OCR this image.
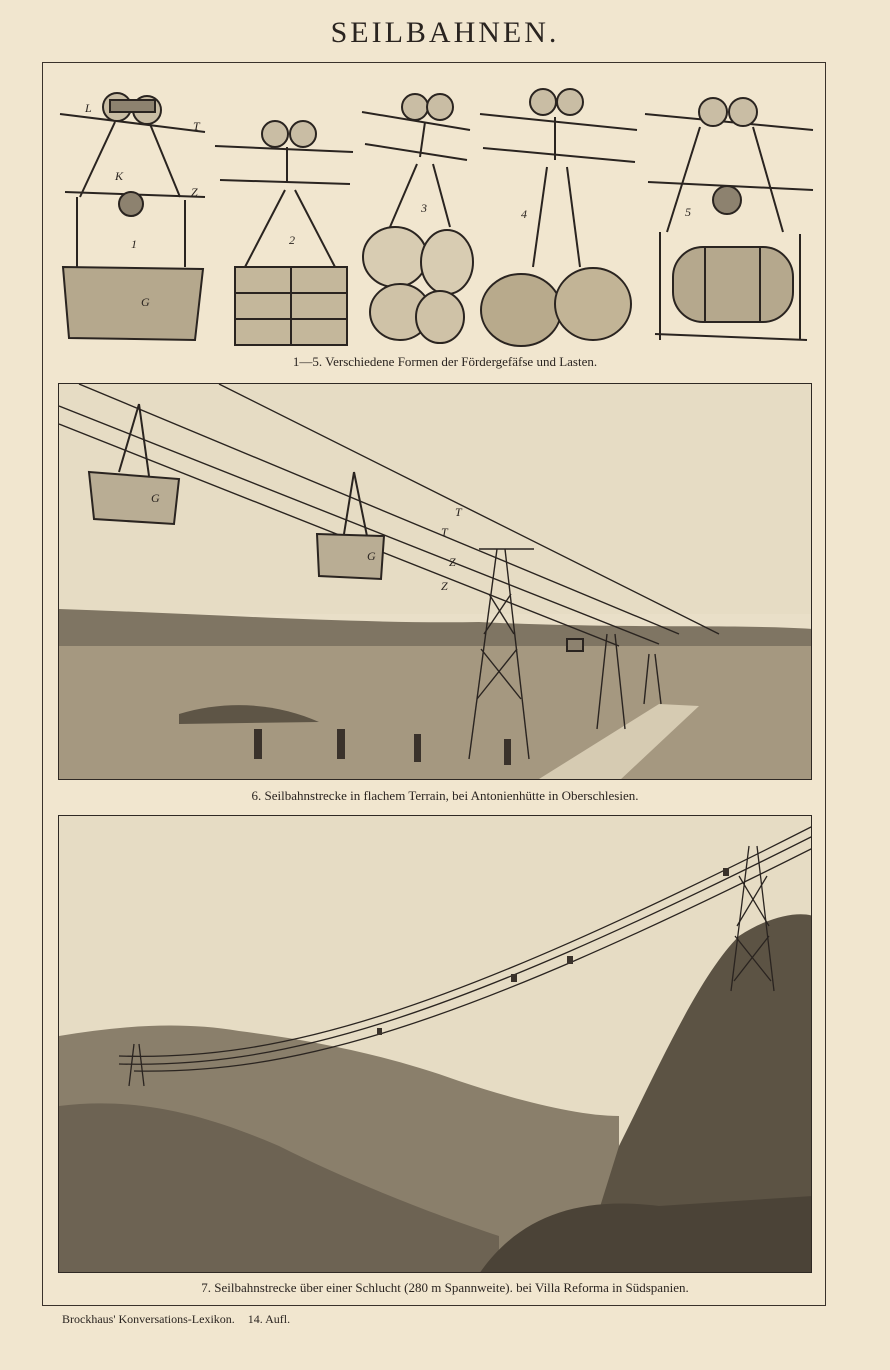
SEILBAHNEN.
L
T
K
Z
G
1	2
3	4	5
1—5. Verschiedene Formen der Fördergefäfse und Lasten.
G
G
T
T
Z
Z
6. Seilbahnstrecke in flachem Terrain, bei Antonienhütte in Oberschlesien.
7. Seilbahnstrecke über einer Schlucht (280 m Spannweite). bei Villa Reforma in Südspanien.
Brockhaus' Konversations-Lexikon. 14. Aufl.
